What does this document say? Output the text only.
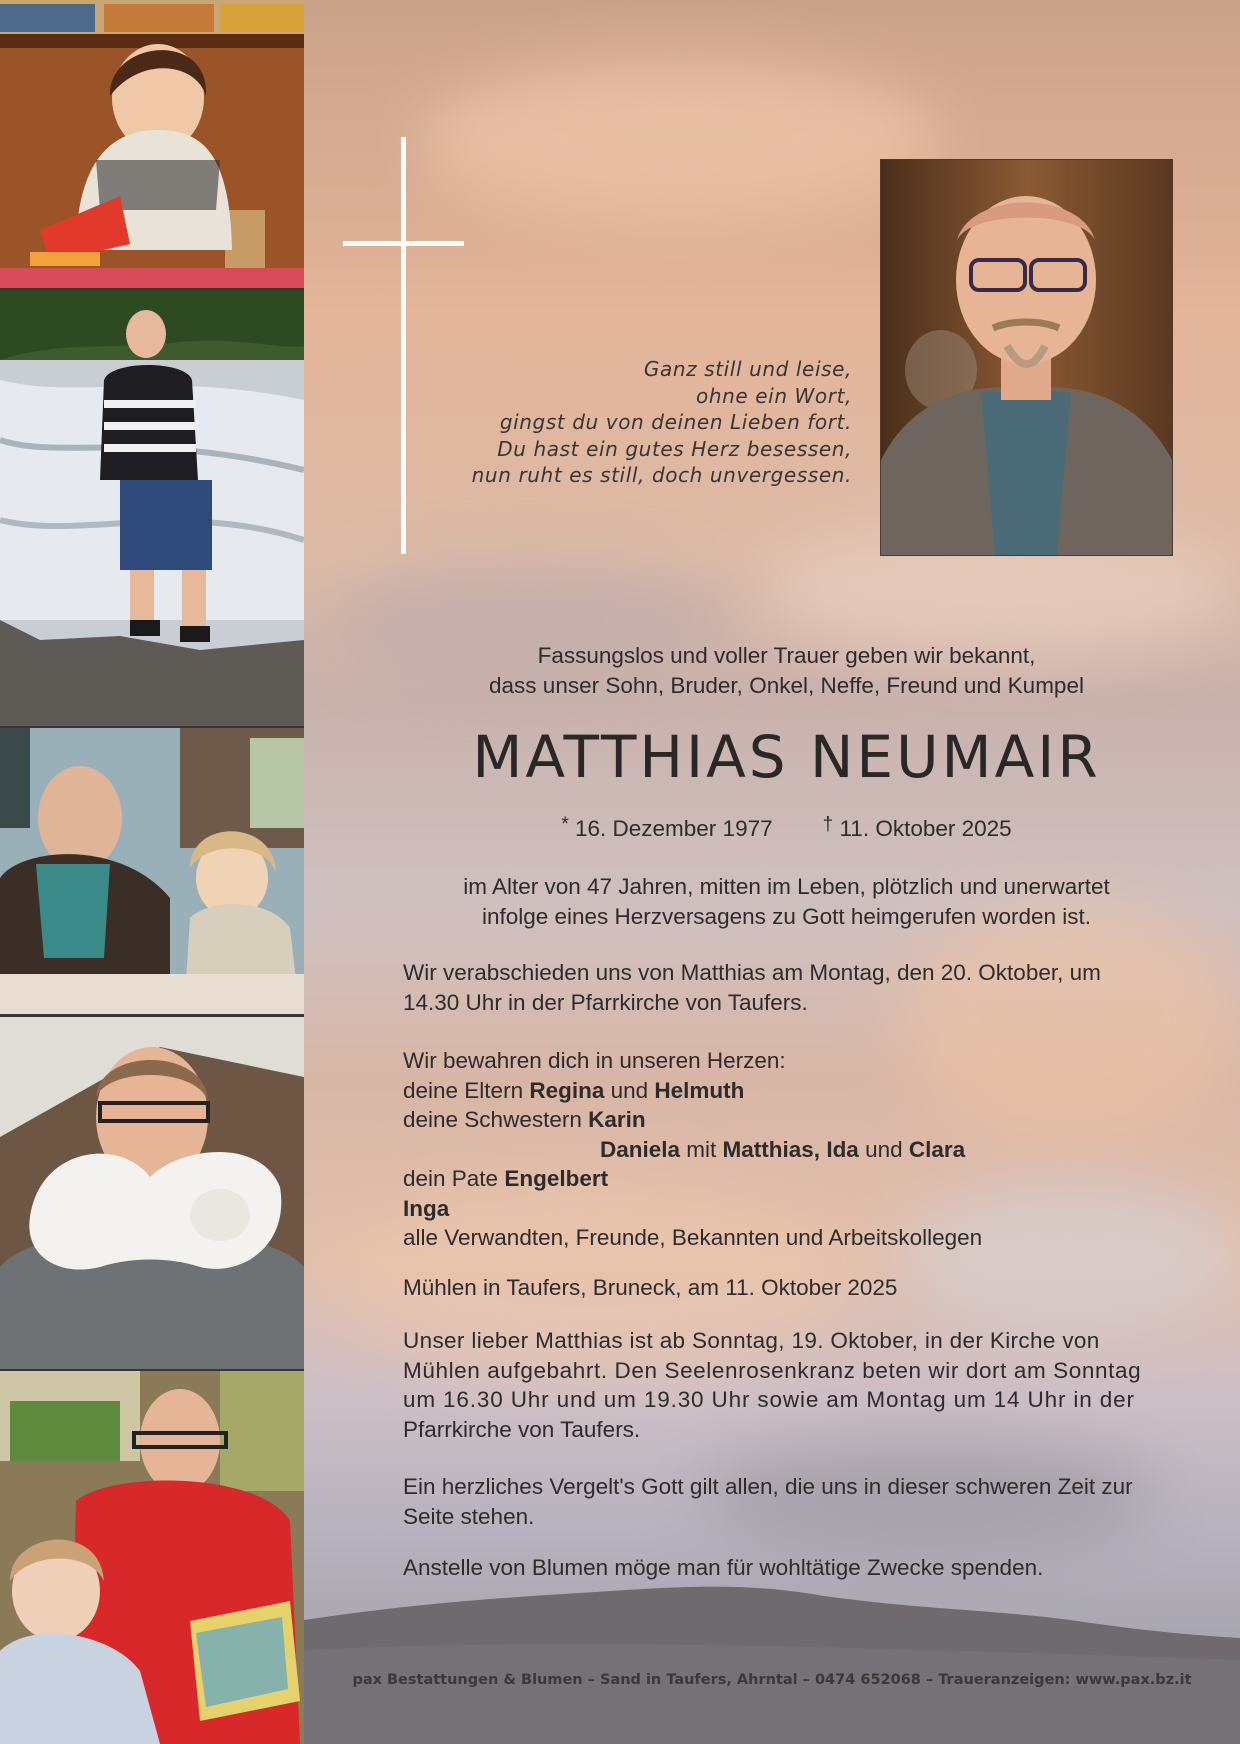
Ganz still und leise,
ohne ein Wort,
gingst du von deinen Lieben fort.
Du hast ein gutes Herz besessen,
nun ruht es still, doch unvergessen.
Fassungslos und voller Trauer geben wir bekannt,
dass unser Sohn, Bruder, Onkel, Neffe, Freund und Kumpel
MATTHIAS NEUMAIR
* 16. Dezember 1977	† 11. Oktober 2025
im Alter von 47 Jahren, mitten im Leben, plötzlich und unerwartet
infolge eines Herzversagens zu Gott heimgerufen worden ist.
Wir verabschieden uns von Matthias am Montag, den 20. Oktober, um
14.30 Uhr in der Pfarrkirche von Taufers.
Wir bewahren dich in unseren Herzen:
deine Eltern Regina und Helmuth
deine Schwestern Karin
Daniela mit Matthias, Ida und Clara
dein Pate Engelbert
Inga
alle Verwandten, Freunde, Bekannten und Arbeitskollegen
Mühlen in Taufers, Bruneck, am 11. Oktober 2025
Unser lieber Matthias ist ab Sonntag, 19. Oktober, in der Kirche von
Mühlen aufgebahrt. Den Seelenrosenkranz beten wir dort am Sonntag
um 16.30 Uhr und um 19.30 Uhr sowie am Montag um 14 Uhr in der
Pfarrkirche von Taufers.
Ein herzliches Vergelt's Gott gilt allen, die uns in dieser schweren Zeit zur
Seite stehen.
Anstelle von Blumen möge man für wohltätige Zwecke spenden.
pax Bestattungen & Blumen – Sand in Taufers, Ahrntal – 0474 652068 – Traueranzeigen: www.pax.bz.it
